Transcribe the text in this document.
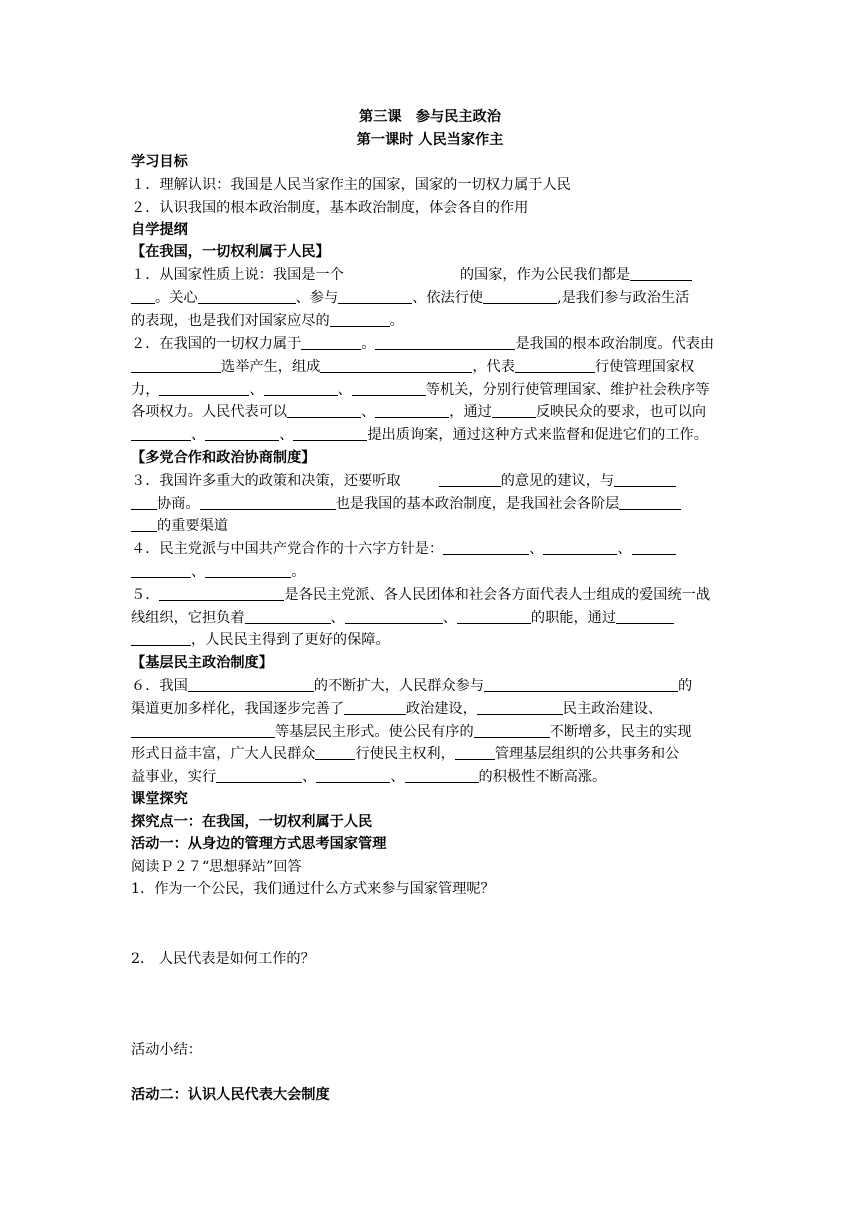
第三课　参与民主政治
第一课时 人民当家作主
学习目标
１．理解认识：我国是人民当家作主的国家，国家的一切权力属于人民
２．认识我国的根本政治制度，基本政治制度，体会各自的作用
自学提纲
【在我国，一切权利属于人民】
１．从国家性质上说：我国是一个	的国家，作为公民我们都是
。关心	、参与	、依法行使	,是我们参与政治生活
的表现，也是我们对国家应尽的	。
２．在我国的一切权力属于	。	是我国的根本政治制度。代表由
选举产生，组成	，代表	行使管理国家权
力，	、	、	等机关，分别行使管理国家、维护社会秩序等
各项权力。人民代表可以	、	，通过	反映民众的要求，也可以向
、	、	提出质询案，通过这种方式来监督和促进它们的工作。
【多党合作和政治协商制度】
３．我国许多重大的政策和决策，还要听取	的意见的建议，与
协商。	也是我国的基本政治制度，是我国社会各阶层
的重要渠道
４．民主党派与中国共产党合作的十六字方针是：	、	、
、	。
５．	是各民主党派、各人民团体和社会各方面代表人士组成的爱国统一战
线组织，它担负着	、	、	的职能，通过
，人民民主得到了更好的保障。
【基层民主政治制度】
６．我国	的不断扩大，人民群众参与	的
渠道更加多样化，我国逐步完善了	政治建设，	民主政治建设、
等基层民主形式。使公民有序的	不断增多，民主的实现
形式日益丰富，广大人民群众	行使民主权利，	管理基层组织的公共事务和公
益事业，实行	、	、	的积极性不断高涨。
课堂探究
探究点一：在我国，一切权利属于人民
活动一：从身边的管理方式思考国家管理
阅读Ｐ２７“思想驿站”回答
1．作为一个公民，我们通过什么方式来参与国家管理呢？
2． 人民代表是如何工作的？
活动小结：
活动二：认识人民代表大会制度
